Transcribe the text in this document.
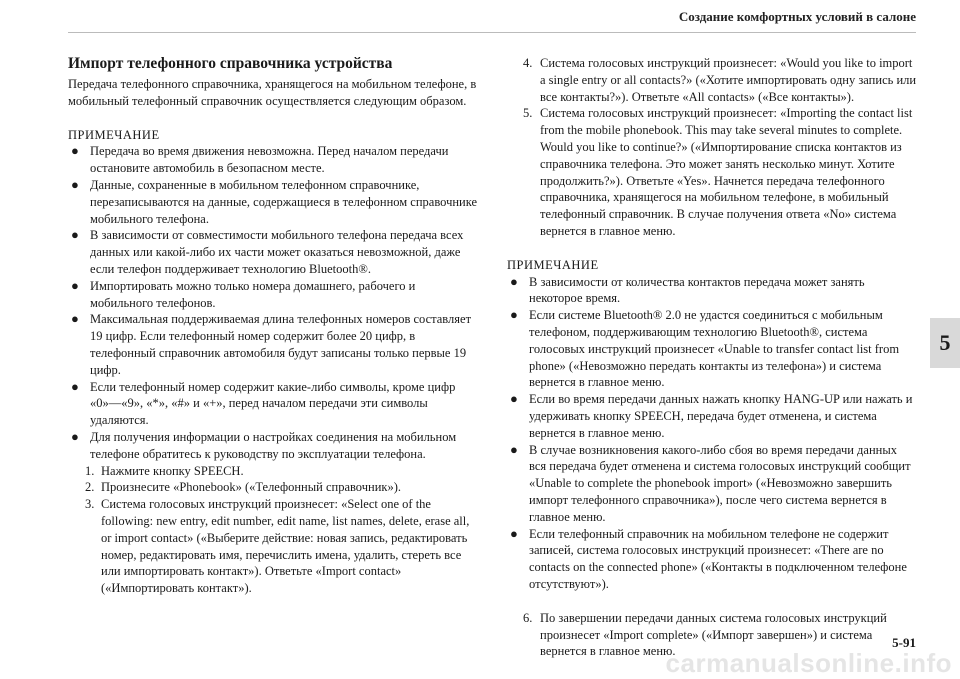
Создание комфортных условий в салоне
5
Импорт телефонного справочника устройства

Передача телефонного справочника, хранящегося на мобильном телефоне, в мобильный телефонный справочник осуществляется следующим образом.

ПРИМЕЧАНИЕ

● Передача во время движения невозможна. Перед началом передачи остановите автомобиль в безопасном месте.
● Данные, сохраненные в мобильном телефонном справочнике, перезаписываются на данные, содержащиеся в телефонном справочнике мобильного телефона.
● В зависимости от совместимости мобильного телефона передача всех данных или какой-либо их части может оказаться невозможной, даже если телефон поддерживает технологию Bluetooth®.
● Импортировать можно только номера домашнего, рабочего и мобильного телефонов.
● Максимальная поддерживаемая длина телефонных номеров составляет 19 цифр. Если телефонный номер содержит более 20 цифр, в телефонный справочник автомобиля будут записаны только первые 19 цифр.
● Если телефонный номер содержит какие-либо символы, кроме цифр «0»—«9», «*», «#» и «+», перед началом передачи эти символы удаляются.
● Для получения информации о настройках соединения на мобильном телефоне обратитесь к руководству по эксплуатации телефона.
1. Нажмите кнопку SPEECH.
2. Произнесите «Phonebook» («Телефонный справочник»).
3. Система голосовых инструкций произнесет: «Select one of the following: new entry, edit number, edit name, list names, delete, erase all, or import contact» («Выберите действие: новая запись, редактировать номер, редактировать имя, перечислить имена, удалить, стереть все или импортировать контакт»). Ответьте «Import contact» («Импортировать контакт»).
4. Система голосовых инструкций произнесет: «Would you like to import a single entry or all contacts?» («Хотите импортировать одну запись или все контакты?»). Ответьте «All contacts» («Все контакты»).
5. Система голосовых инструкций произнесет: «Importing the contact list from the mobile phonebook. This may take several minutes to complete. Would you like to continue?» («Импортирование списка контактов из справочника телефона. Это может занять несколько минут. Хотите продолжить?»). Ответьте «Yes». Начнется передача телефонного справочника, хранящегося на мобильном телефоне, в мобильный телефонный справочник. В случае получения ответа «No» система вернется в главное меню.

ПРИМЕЧАНИЕ

● В зависимости от количества контактов передача может занять некоторое время.
● Если системе Bluetooth® 2.0 не удастся соединиться с мобильным телефоном, поддерживающим технологию Bluetooth®, система голосовых инструкций произнесет «Unable to transfer contact list from phone» («Невозможно передать контакты из телефона») и система вернется в главное меню.
● Если во время передачи данных нажать кнопку HANG-UP или нажать и удерживать кнопку SPEECH, передача будет отменена, и система вернется в главное меню.
● В случае возникновения какого-либо сбоя во время передачи данных вся передача будет отменена и система голосовых инструкций сообщит «Unable to complete the phonebook import» («Невозможно завершить импорт телефонного справочника»), после чего система вернется в главное меню.
● Если телефонный справочник на мобильном телефоне не содержит записей, система голосовых инструкций произнесет: «There are no contacts on the connected phone» («Контакты в подключенном телефоне отсутствуют»).
6. По завершении передачи данных система голосовых инструкций произнесет «Import complete» («Импорт завершен») и система вернется в главное меню.
5-91
carmanualsonline.info
